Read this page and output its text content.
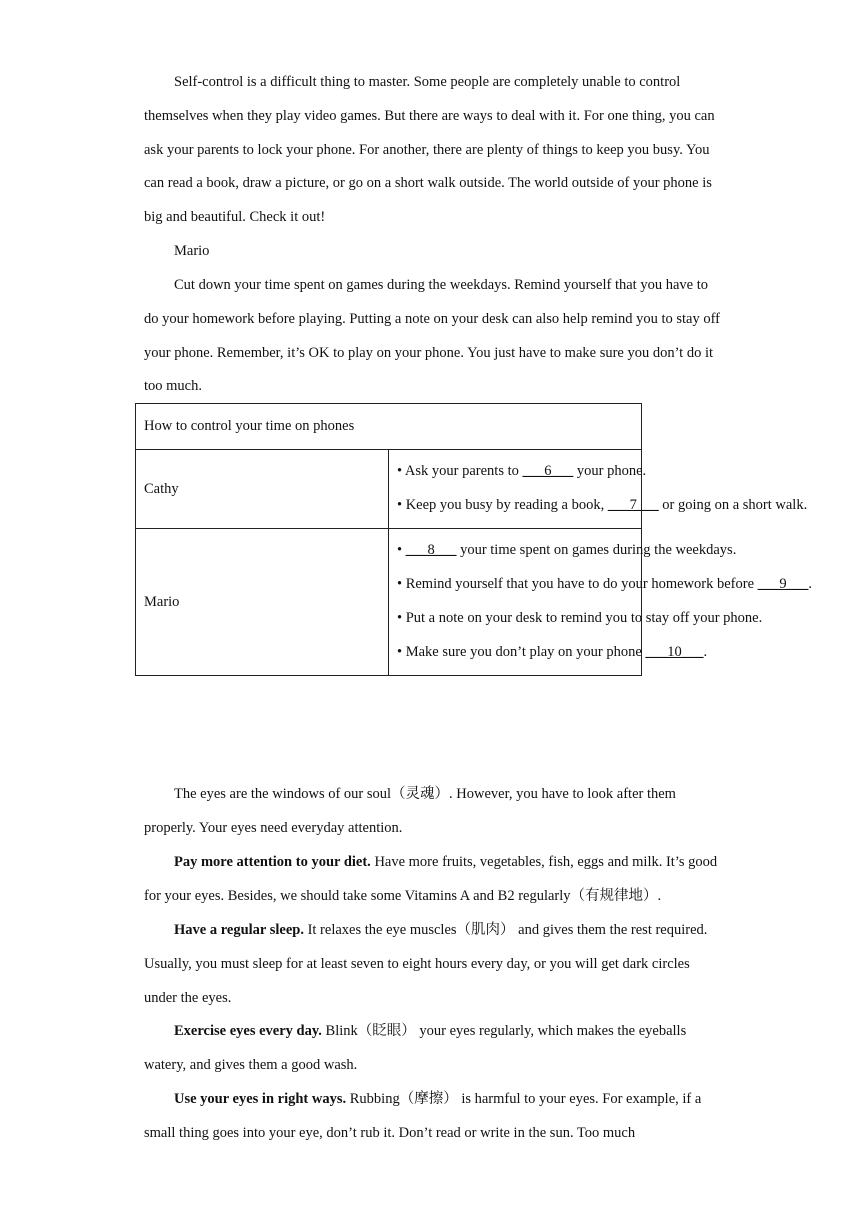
Self-control is a difficult thing to master. Some people are completely unable to control themselves when they play video games. But there are ways to deal with it. For one thing, you can ask your parents to lock your phone. For another, there are plenty of things to keep you busy. You can read a book, draw a picture, or go on a short walk outside. The world outside of your phone is big and beautiful. Check it out!

Mario

Cut down your time spent on games during the weekdays. Remind yourself that you have to do your homework before playing. Putting a note on your desk can also help remind you to stay off your phone. Remember, it’s OK to play on your phone. You just have to make sure you don’t do it too much.

How to control your time on phones	
Cathy	• Ask your parents to ___6___ your phone.
• Keep you busy by reading a book, ___7___ or going on a short walk.

Mario	• ___8___ your time spent on games during the weekdays.
• Remind yourself that you have to do your homework before ___9___.
• Put a note on your desk to remind you to stay off your phone.
• Make sure you don’t play on your phone ___10___.

The eyes are the windows of our soul（灵魂）. However, you have to look after them properly. Your eyes need everyday attention.

Pay more attention to your diet. Have more fruits, vegetables, fish, eggs and milk. It’s good for your eyes. Besides, we should take some Vitamins A and B2 regularly（有规律地）.

Have a regular sleep. It relaxes the eye muscles（肌肉） and gives them the rest required. Usually, you must sleep for at least seven to eight hours every day, or you will get dark circles under the eyes.

Exercise eyes every day. Blink（眨眼） your eyes regularly, which makes the eyeballs watery, and gives them a good wash.

Use your eyes in right ways. Rubbing（摩擦） is harmful to your eyes. For example, if a small thing goes into your eye, don’t rub it. Don’t read or write in the sun. Too much
